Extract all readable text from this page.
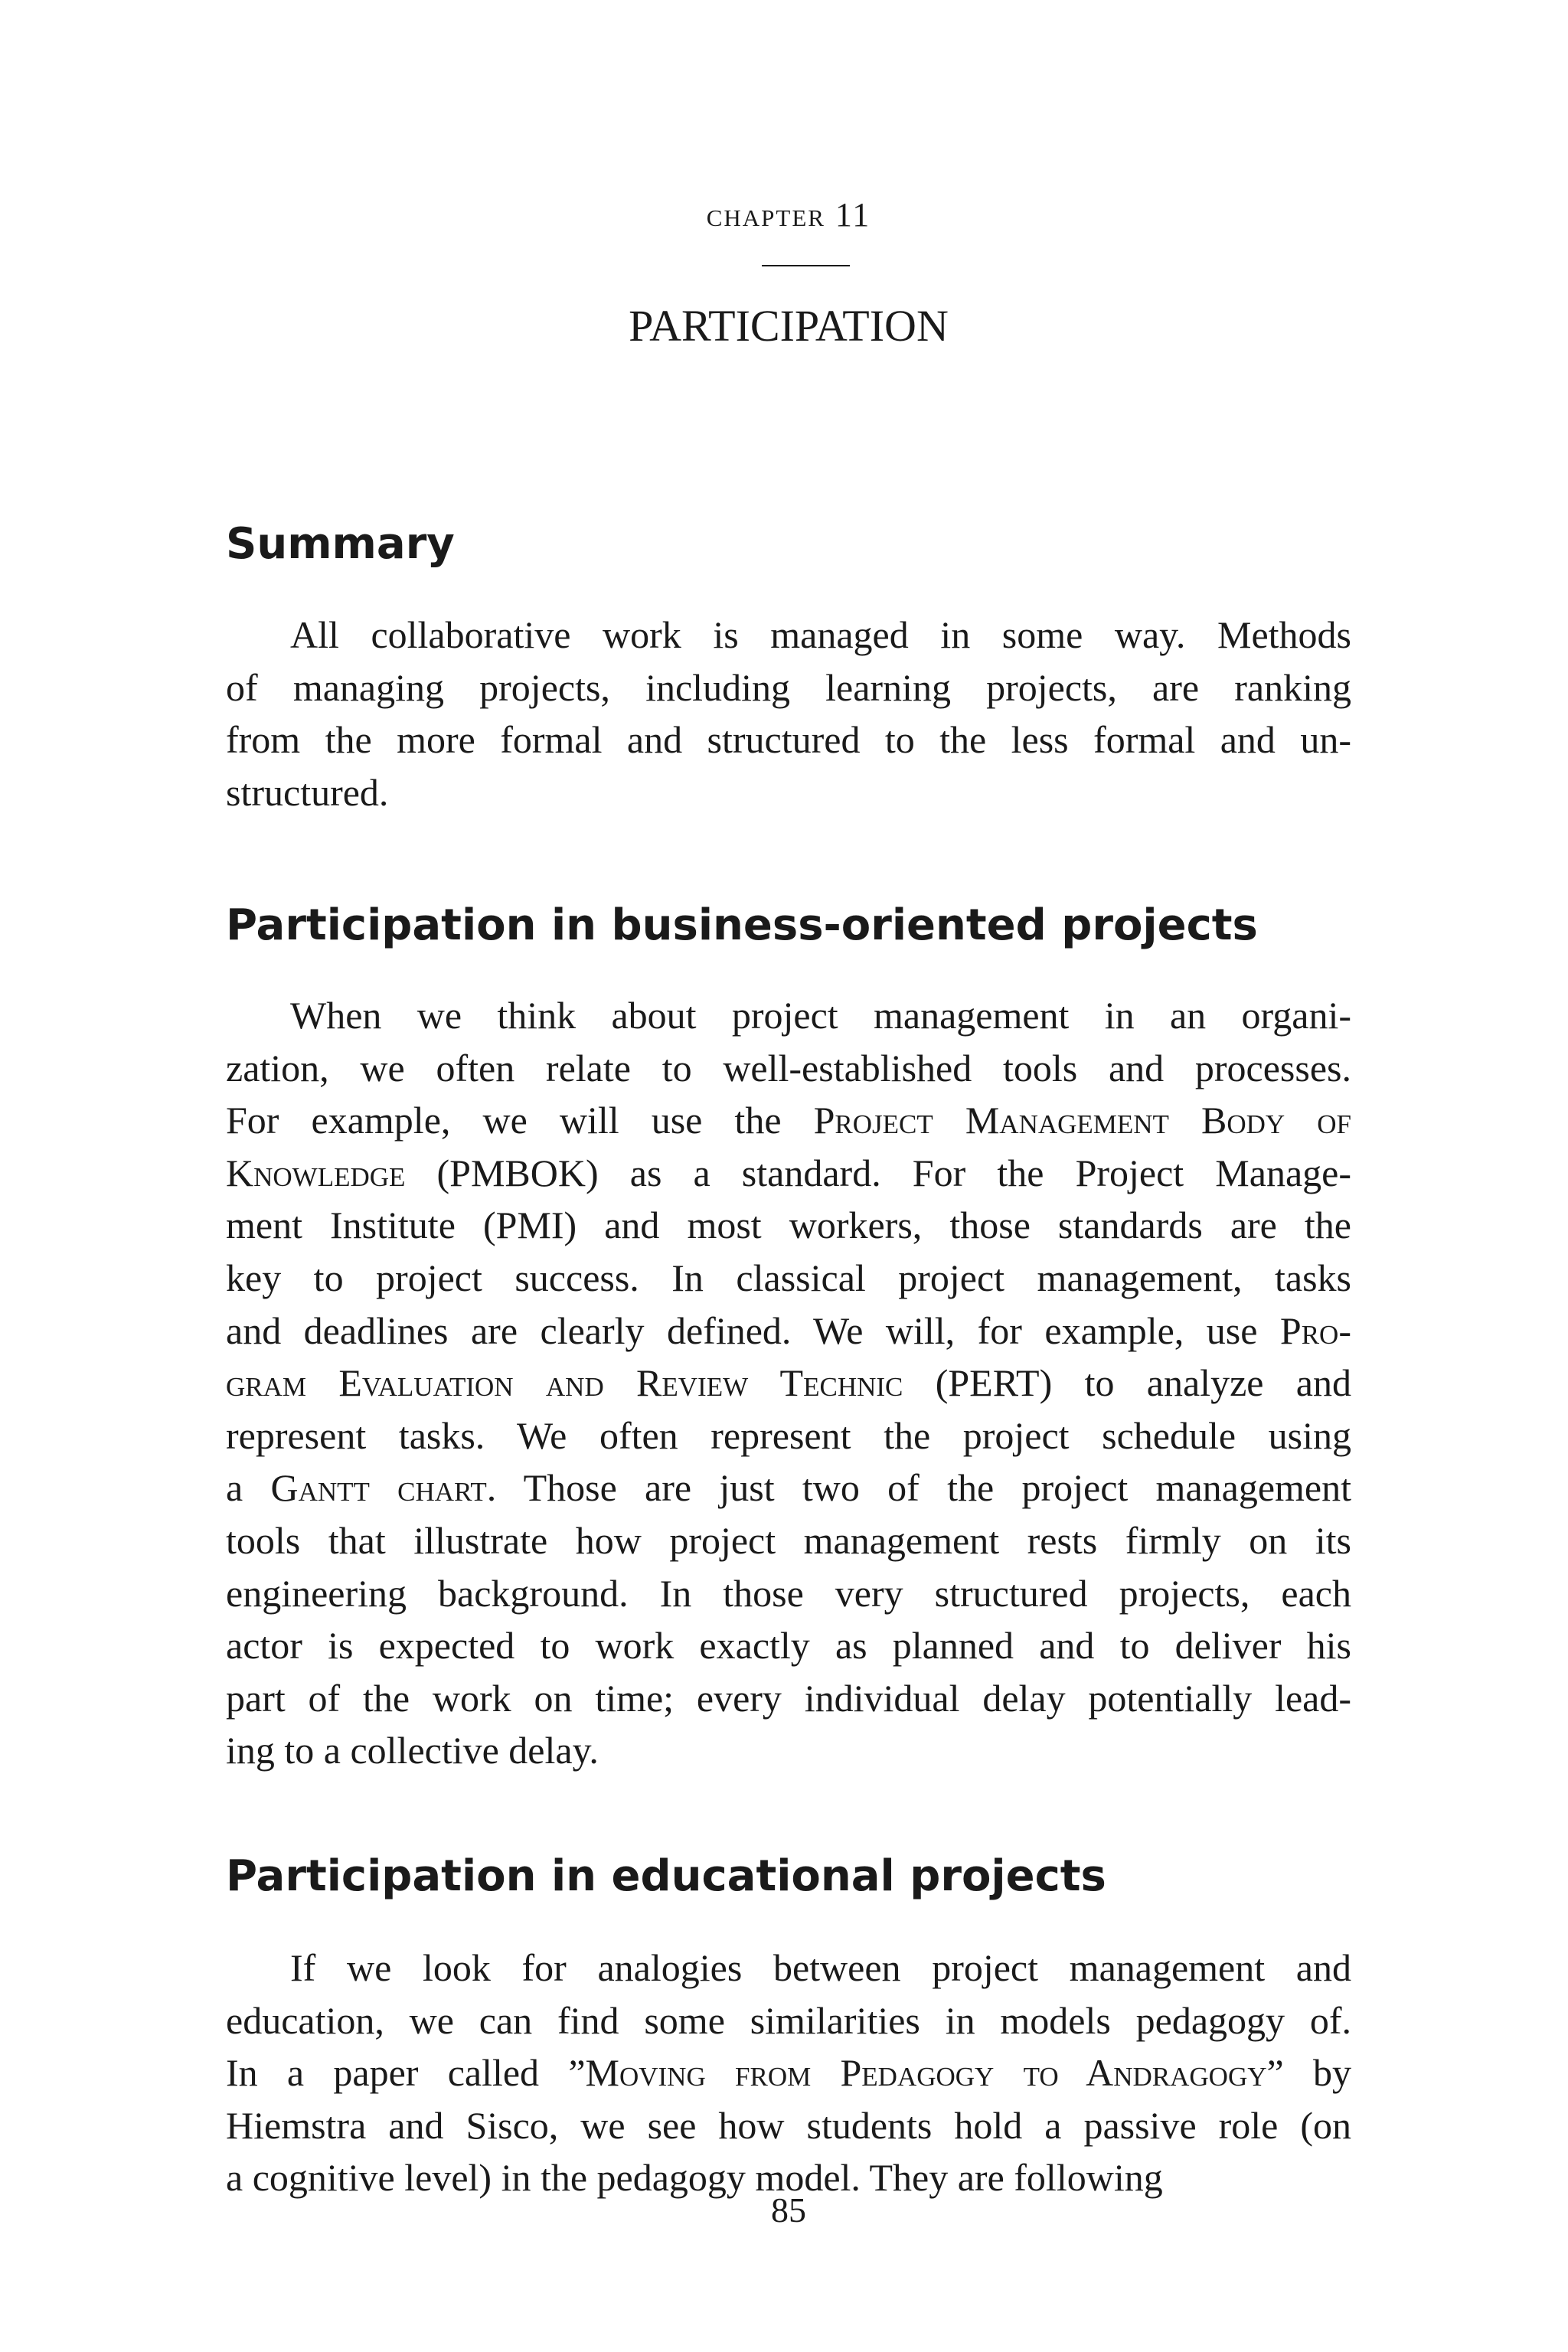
chapter 11

PARTICIPATION
Summary
All collaborative work is managed in some way. Methods
of managing projects, including learning projects, are ranking
from the more formal and structured to the less formal and un-
structured.
Participation in business-oriented projects
When we think about project management in an organi-
zation, we often relate to well-established tools and processes.
For example, we will use the Project Management Body of
Knowledge (PMBOK) as a standard. For the Project Manage-
ment Institute (PMI) and most workers, those standards are the
key to project success. In classical project management, tasks
and deadlines are clearly defined. We will, for example, use Pro-
gram Evaluation and Review Technic (PERT) to analyze and
represent tasks. We often represent the project schedule using
a Gantt chart. Those are just two of the project management
tools that illustrate how project management rests firmly on its
engineering background. In those very structured projects, each
actor is expected to work exactly as planned and to deliver his
part of the work on time; every individual delay potentially lead-
ing to a collective delay.
Participation in educational projects
If we look for analogies between project management and
education, we can find some similarities in models pedagogy of.
In a paper called ”Moving from Pedagogy to Andragogy” by
Hiemstra and Sisco, we see how students hold a passive role (on
a cognitive level) in the pedagogy model. They are following

85
